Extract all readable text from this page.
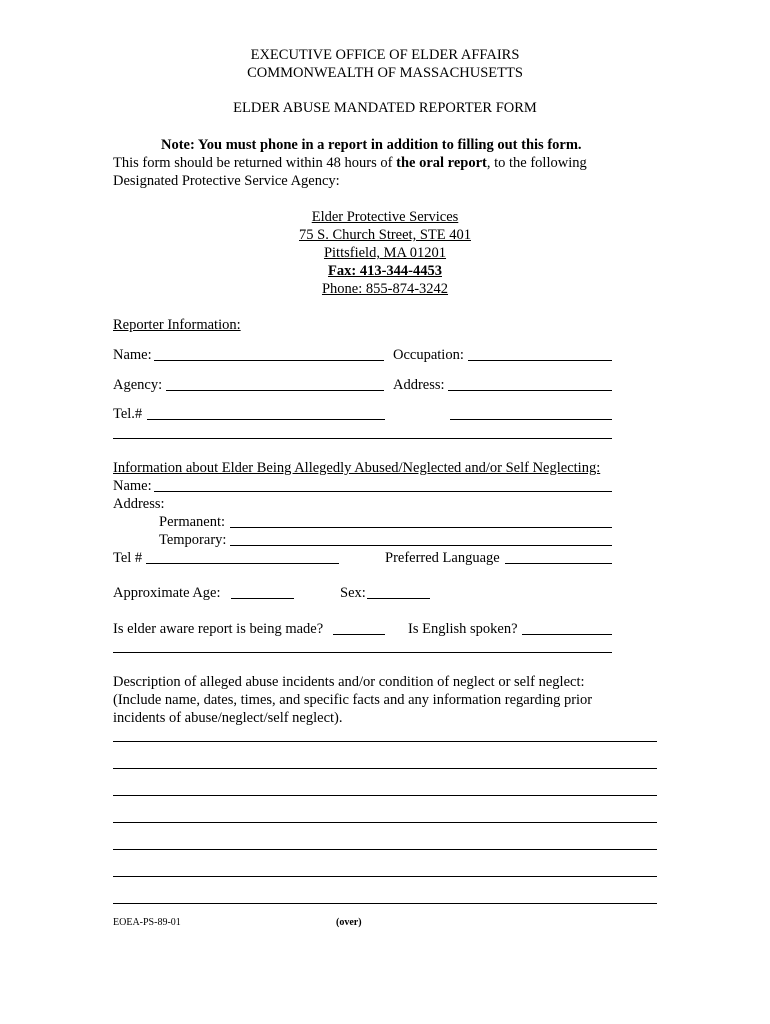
EXECUTIVE OFFICE OF ELDER AFFAIRS
COMMONWEALTH OF MASSACHUSETTS
ELDER ABUSE MANDATED REPORTER FORM
Note: You must phone in a report in addition to filling out this form.
This form should be returned within 48 hours of the oral report, to the following
Designated Protective Service Agency:
Elder Protective Services
75 S. Church Street, STE 401
Pittsfield, MA 01201
Fax: 413-344-4453
Phone: 855-874-3242
Reporter Information:
Name:	Occupation:
Agency:	Address:
Tel.#
Information about Elder Being Allegedly Abused/Neglected and/or Self Neglecting:
Name:
Address:
Permanent:
Temporary:
Tel #	Preferred Language
Approximate Age:	Sex:
Is elder aware report is being made?	Is English spoken?
Description of alleged abuse incidents and/or condition of neglect or self neglect:
(Include name, dates, times, and specific facts and any information regarding prior
incidents of abuse/neglect/self neglect).
EOEA-PS-89-01	(over)
